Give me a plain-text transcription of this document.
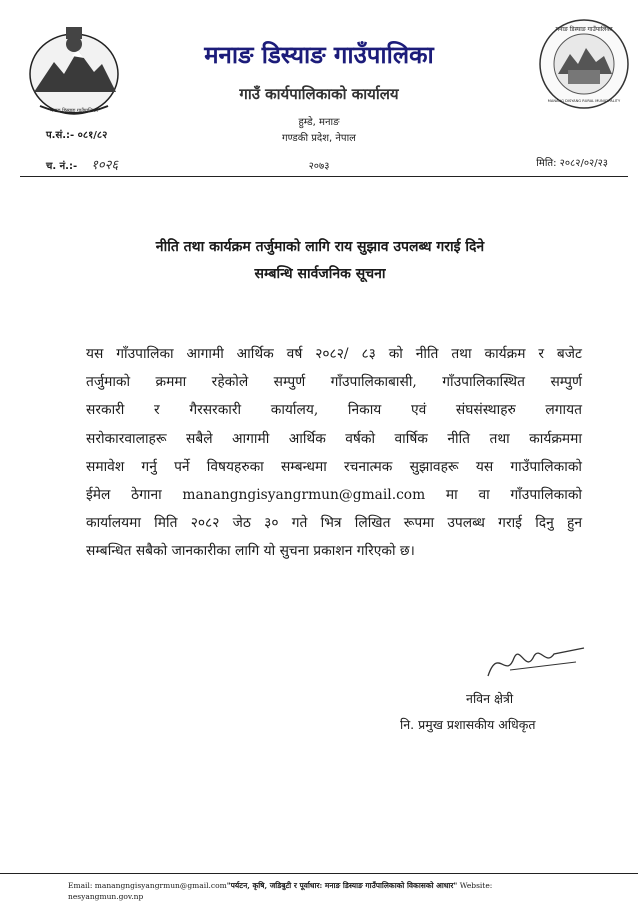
मनाङ डिस्याङ गाउँपालिका
मनाङ डिस्याङ गाउँपालिका
MANANG DISYANG RURAL MUNICIPALITY
मनाङ डिस्याङ गाउँपालिका
गाउँ कार्यपालिकाको कार्यालय
हुम्डे, मनाङ
गण्डकी प्रदेश, नेपाल
२०७३
प.सं.:- ०८१/८२
च. नं.:- १०२६	मिति: २०८२/०२/२३
नीति तथा कार्यक्रम तर्जुमाको लागि राय सुझाव उपलब्ध गराई दिने
सम्बन्धि सार्वजनिक सूचना
यस गाँउपालिका आगामी आर्थिक वर्ष २०८२/ ८३ को नीति तथा कार्यक्रम र बजेट
तर्जुमाको क्रममा रहेकोले सम्पुर्ण गाँउपालिकाबासी, गाँउपालिकास्थित सम्पुर्ण
सरकारी र गैरसरकारी कार्यालय, निकाय एवं संघसंस्थाहरु लगायत
सरोकारवालाहरू सबैले आगामी आर्थिक वर्षको वार्षिक नीति तथा कार्यक्रममा
समावेश गर्नु पर्ने विषयहरुका सम्बन्धमा रचनात्मक सुझावहरू यस गाउँपालिकाको
ईमेल ठेगाना manangngisyangrmun@gmail.com मा वा गाँउपालिकाको
कार्यालयमा मिति २०८२ जेठ ३० गते भित्र लिखित रूपमा उपलब्ध गराई दिनु हुन
सम्बन्धित सबैको जानकारीका लागि यो सुचना प्रकाशन गरिएको छ।
नविन क्षेत्री
नि. प्रमुख प्रशासकीय अधिकृत
Email: manangngisyangrmun@gmail.com"पर्यटन, कृषि, जडिबुटी र पूर्वाधार: मनाङ डिस्याङ गाउँपालिकाको विकासको आधार" Website:
nesyangmun.gov.np
